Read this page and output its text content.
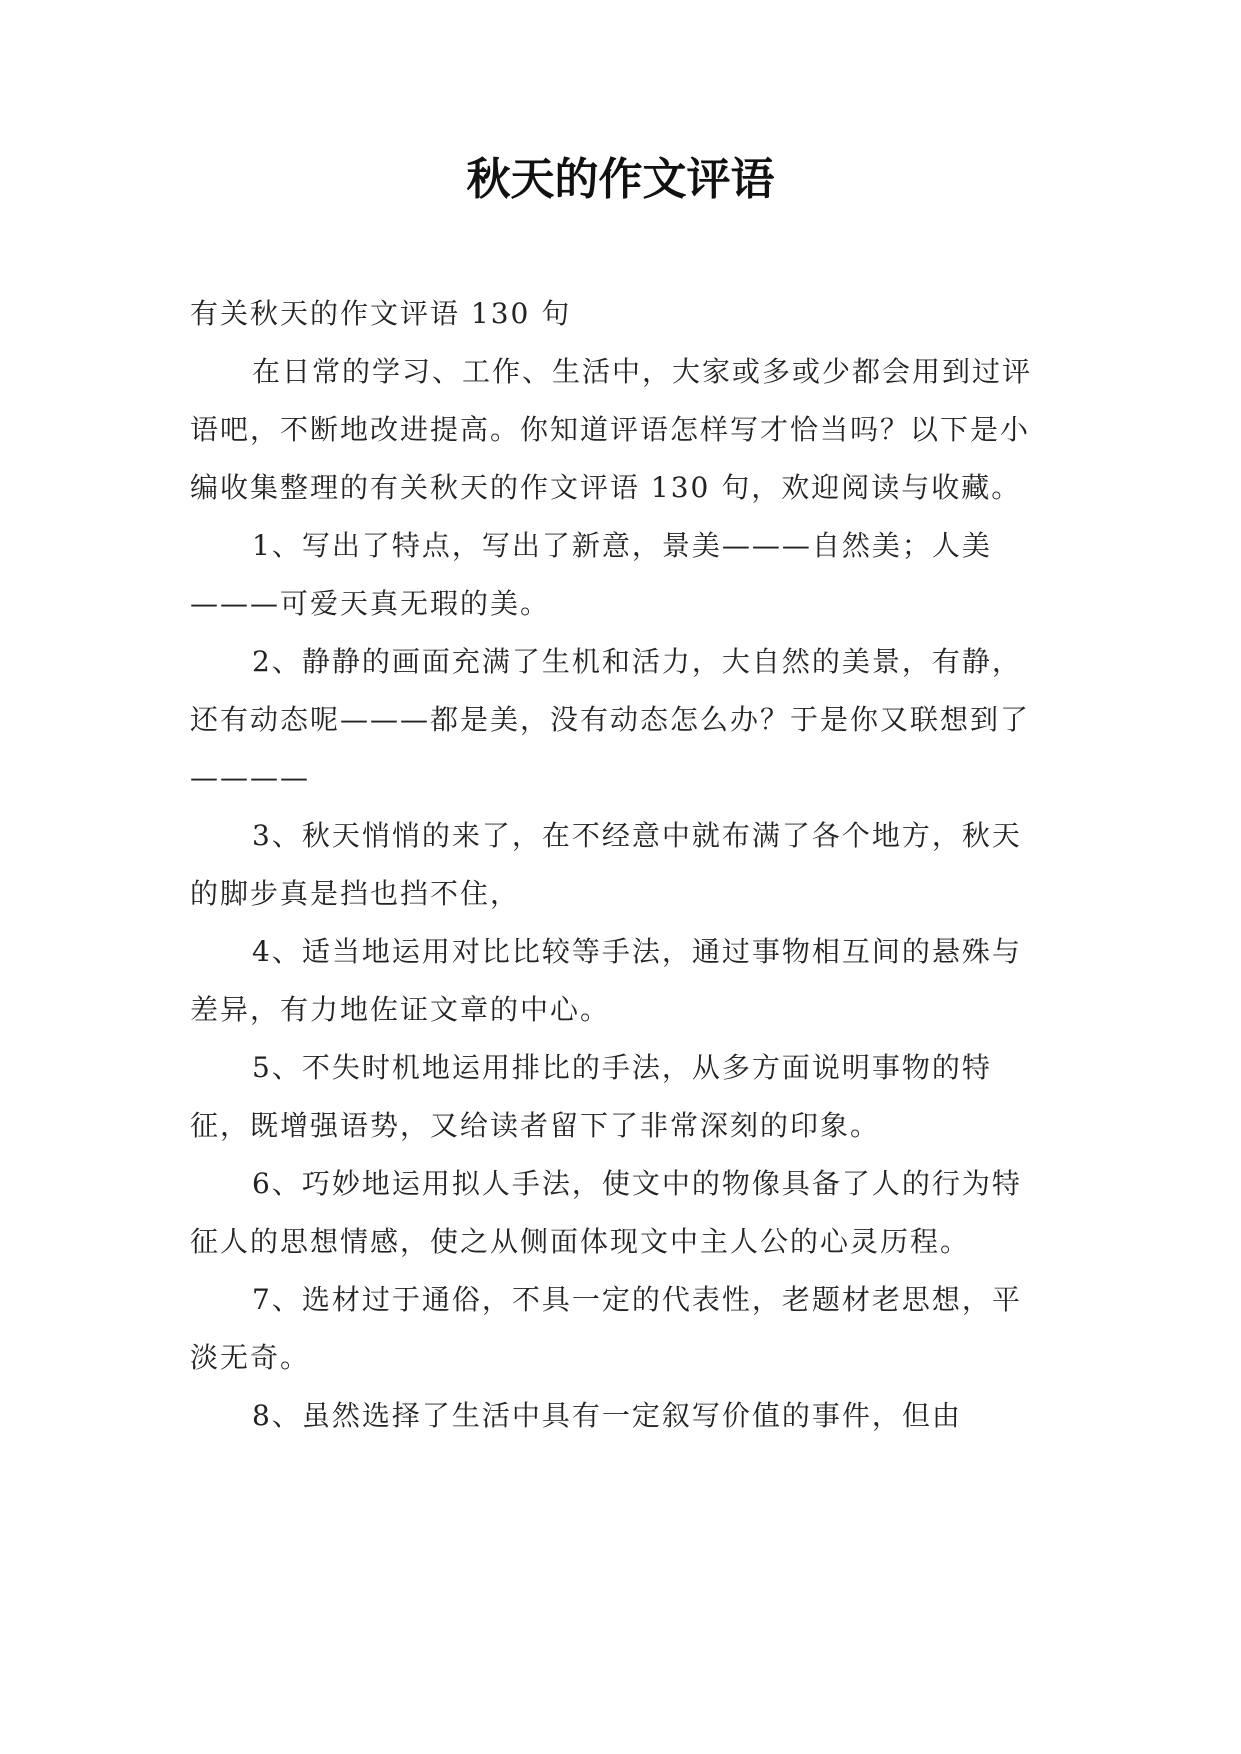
秋天的作文评语

有关秋天的作文评语 130 句

在日常的学习、工作、生活中，大家或多或少都会用到过评语吧，不断地改进提高。你知道评语怎样写才恰当吗？以下是小编收集整理的有关秋天的作文评语 130 句，欢迎阅读与收藏。

1、写出了特点，写出了新意，景美———自然美；人美———可爱天真无瑕的美。

2、静静的画面充满了生机和活力，大自然的美景，有静，还有动态呢———都是美，没有动态怎么办？于是你又联想到了————

3、秋天悄悄的来了，在不经意中就布满了各个地方，秋天的脚步真是挡也挡不住，

4、适当地运用对比比较等手法，通过事物相互间的悬殊与差异，有力地佐证文章的中心。

5、不失时机地运用排比的手法，从多方面说明事物的特征，既增强语势，又给读者留下了非常深刻的印象。

6、巧妙地运用拟人手法，使文中的物像具备了人的行为特征人的思想情感，使之从侧面体现文中主人公的心灵历程。

7、选材过于通俗，不具一定的代表性，老题材老思想，平淡无奇。

8、虽然选择了生活中具有一定叙写价值的事件，但由
